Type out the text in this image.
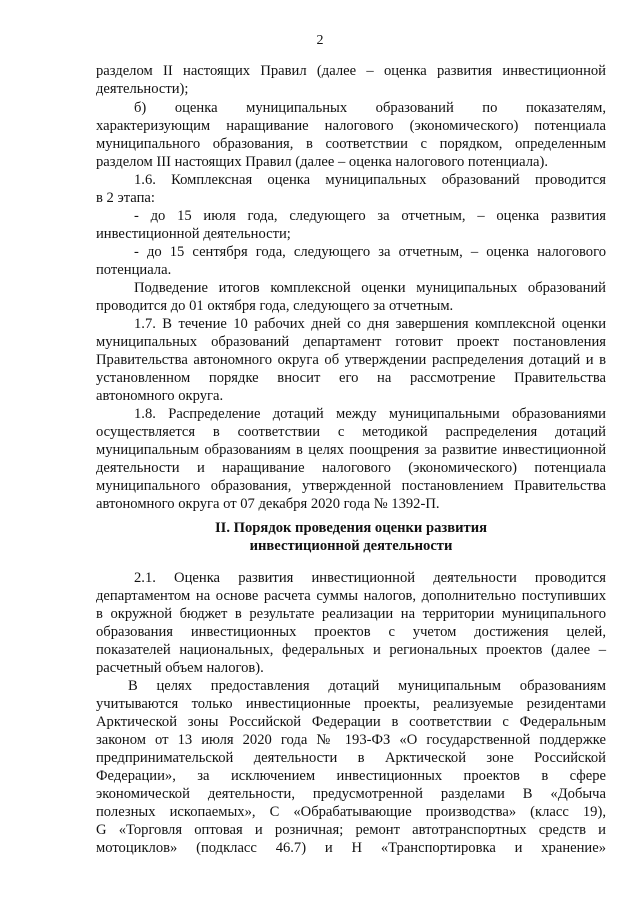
2
разделом II настоящих Правил (далее – оценка развития инвестиционной
деятельности);
б) оценка муниципальных образований по показателям,
характеризующим наращивание налогового (экономического) потенциала
муниципального образования, в соответствии с порядком, определенным
разделом III настоящих Правил (далее – оценка налогового потенциала).
1.6. Комплексная оценка муниципальных образований проводится
в 2 этапа:
- до 15 июля года, следующего за отчетным, – оценка развития
инвестиционной деятельности;
- до 15 сентября года, следующего за отчетным, – оценка налогового
потенциала.
Подведение итогов комплексной оценки муниципальных образований
проводится до 01 октября года, следующего за отчетным.
1.7. В течение 10 рабочих дней со дня завершения комплексной оценки
муниципальных образований департамент готовит проект постановления
Правительства автономного округа об утверждении распределения дотаций и в
установленном порядке вносит его на рассмотрение Правительства
автономного округа.
1.8. Распределение дотаций между муниципальными образованиями
осуществляется в соответствии с методикой распределения дотаций
муниципальным образованиям в целях поощрения за развитие инвестиционной
деятельности и наращивание налогового (экономического) потенциала
муниципального образования, утвержденной постановлением Правительства
автономного округа от 07 декабря 2020 года № 1392-П.
II. Порядок проведения оценки развития
инвестиционной деятельности
2.1. Оценка развития инвестиционной деятельности проводится
департаментом на основе расчета суммы налогов, дополнительно поступивших
в окружной бюджет в результате реализации на территории муниципального
образования инвестиционных проектов с учетом достижения целей,
показателей национальных, федеральных и региональных проектов (далее –
расчетный объем налогов).
В целях предоставления дотаций муниципальным образованиям
учитываются только инвестиционные проекты, реализуемые резидентами
Арктической зоны Российской Федерации в соответствии с Федеральным
законом от 13 июля 2020 года № 193-ФЗ «О государственной поддержке
предпринимательской деятельности в Арктической зоне Российской
Федерации», за исключением инвестиционных проектов в сфере
экономической деятельности, предусмотренной разделами B «Добыча
полезных ископаемых», C «Обрабатывающие производства» (класс 19),
G «Торговля оптовая и розничная; ремонт автотранспортных средств и
мотоциклов» (подкласс 46.7) и H «Транспортировка и хранение»
